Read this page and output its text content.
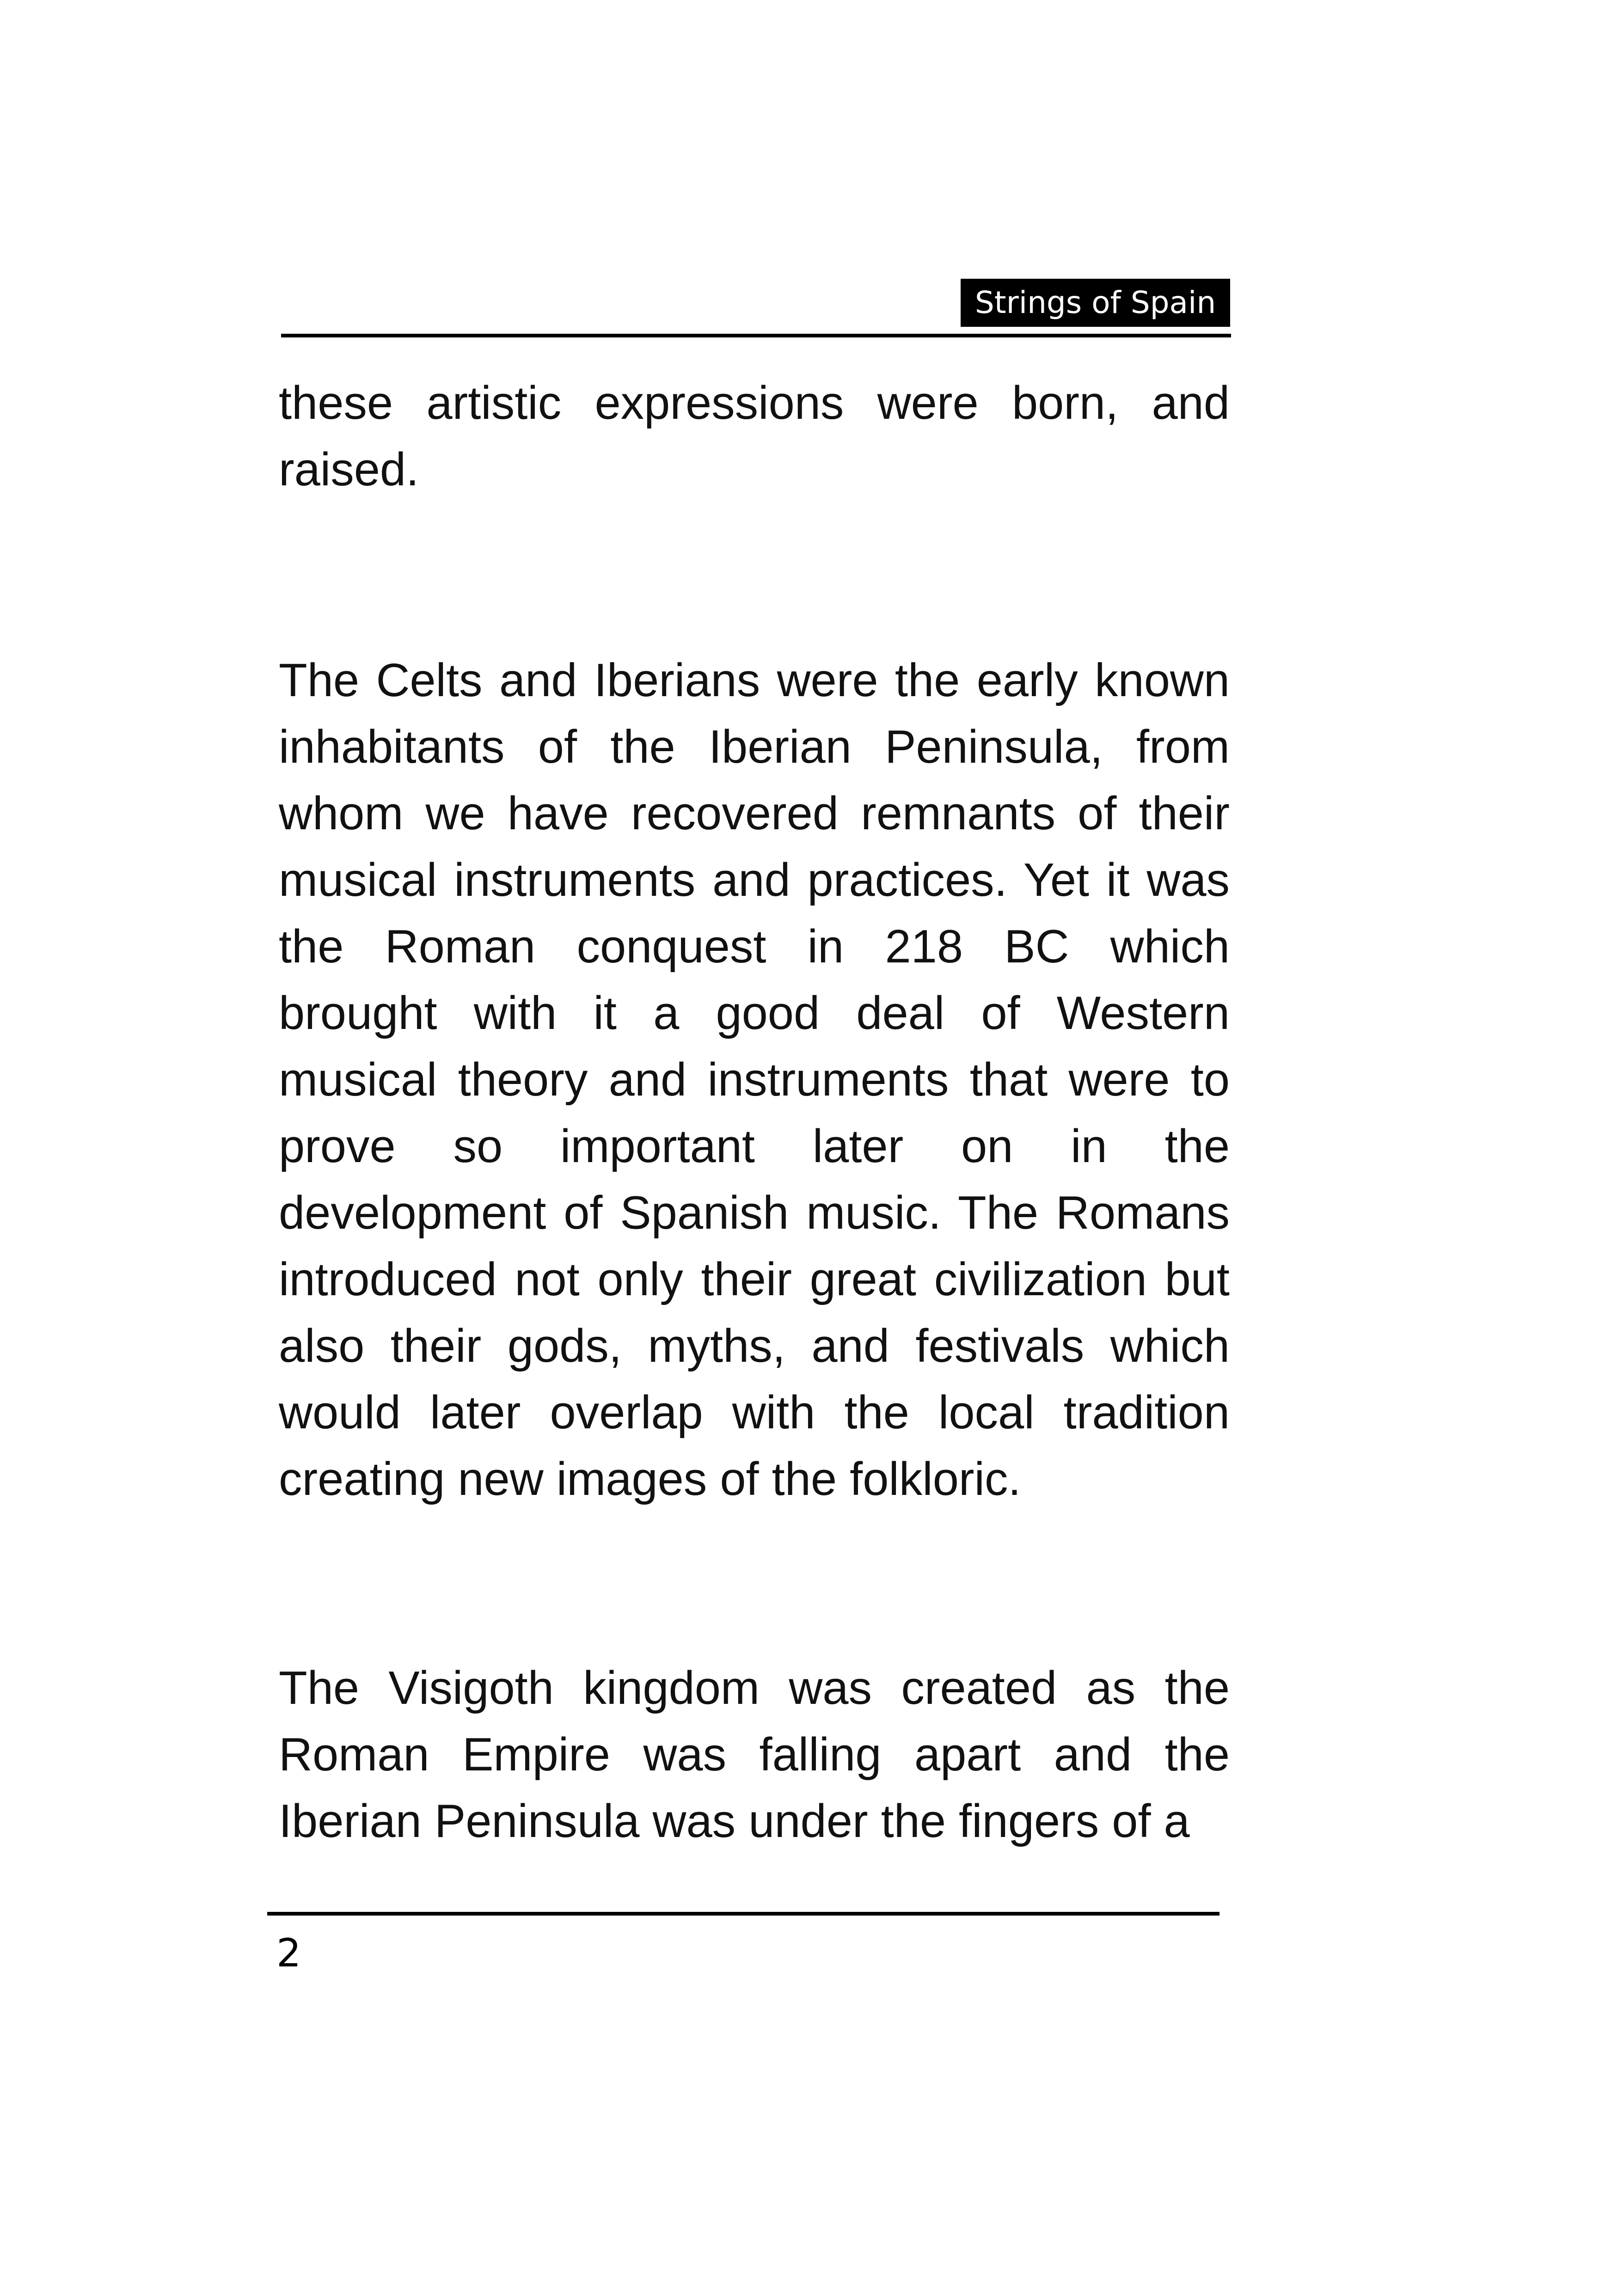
Strings of Spain

these artistic expressions were born, and raised.

The Celts and Iberians were the early known inhabitants of the Iberian Peninsula, from whom we have recovered remnants of their musical instruments and practices. Yet it was the Roman conquest in 218 BC which brought with it a good deal of Western musical theory and instruments that were to prove so important later on in the development of Spanish music. The Romans introduced not only their great civilization but also their gods, myths, and festivals which would later overlap with the local tradition creating new images of the folkloric.

The Visigoth kingdom was created as the Roman Empire was falling apart and the Iberian Peninsula was under the fingers of a

2
